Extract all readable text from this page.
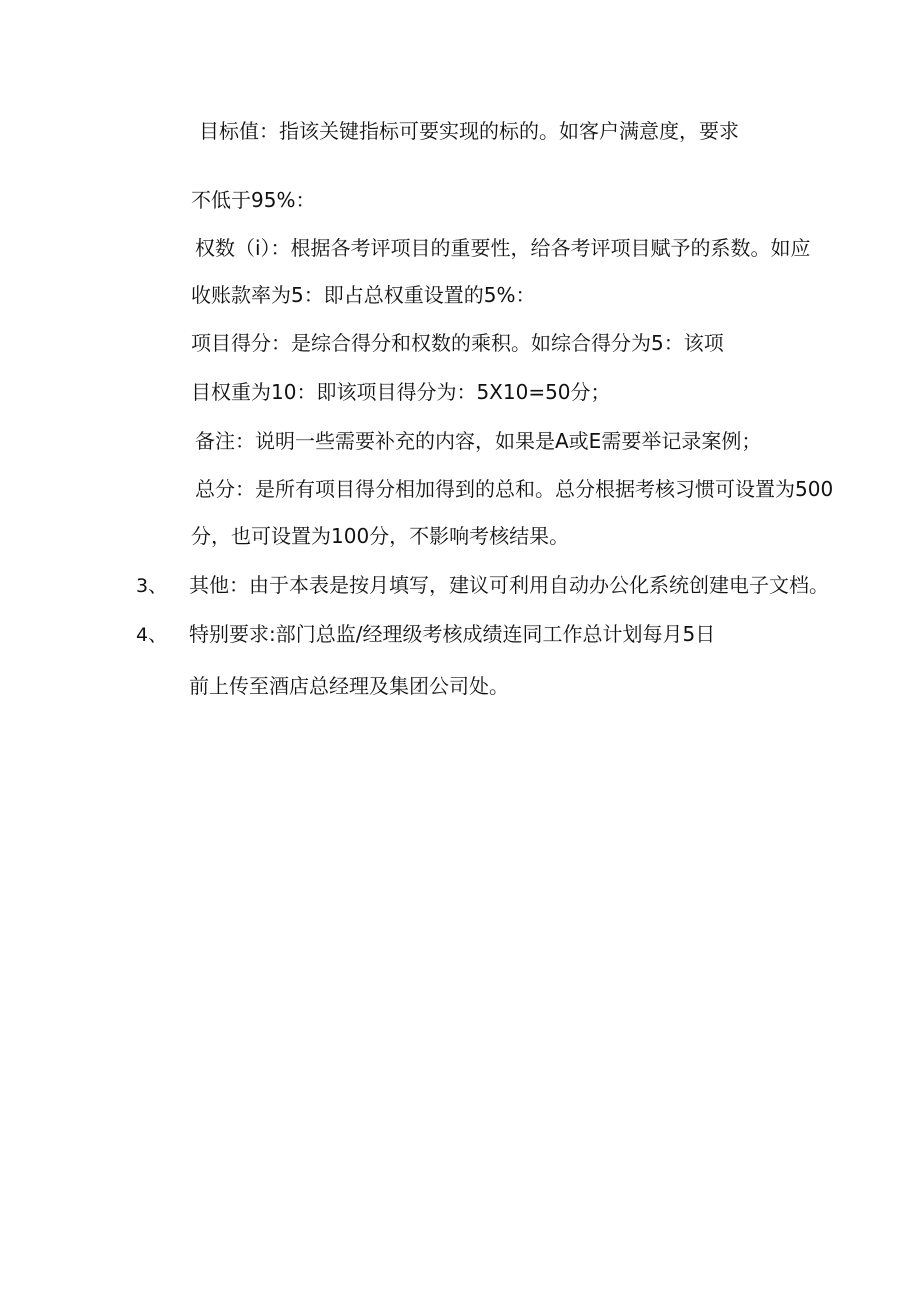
目标值：指该关键指标可要实现的标的。如客户满意度，要求
不低于95%：
权数（i）：根据各考评项目的重要性，给各考评项目赋予的系数。如应
收账款率为5：即占总权重设置的5%：
项目得分：是综合得分和权数的乘积。如综合得分为5：该项
目权重为10：即该项目得分为：5X10=50分；
备注：说明一些需要补充的内容，如果是A或E需要举记录案例；
总分：是所有项目得分相加得到的总和。总分根据考核习惯可设置为500
分，也可设置为100分，不影响考核结果。
3、 其他：由于本表是按月填写，建议可利用自动办公化系统创建电子文档。
4、 特别要求:部门总监/经理级考核成绩连同工作总计划每月5日
前上传至酒店总经理及集团公司处。
